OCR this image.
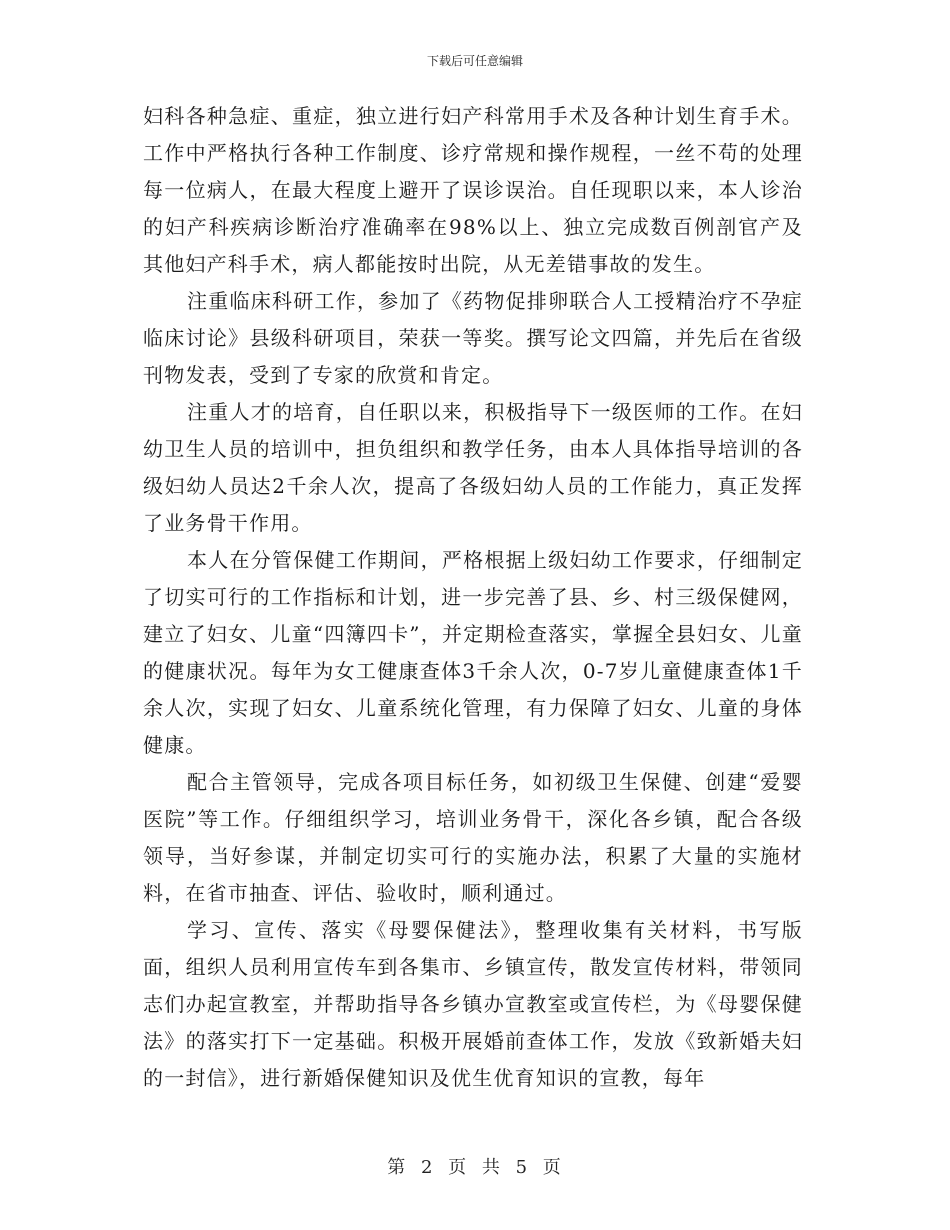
下载后可任意编辑

妇科各种急症、重症，独立进行妇产科常用手术及各种计划生育手术。工作中严格执行各种工作制度、诊疗常规和操作规程，一丝不苟的处理每一位病人，在最大程度上避开了误诊误治。自任现职以来，本人诊治的妇产科疾病诊断治疗准确率在98%以上、独立完成数百例剖官产及其他妇产科手术，病人都能按时出院，从无差错事故的发生。

注重临床科研工作，参加了《药物促排卵联合人工授精治疗不孕症临床讨论》县级科研项目，荣获一等奖。撰写论文四篇，并先后在省级刊物发表，受到了专家的欣赏和肯定。

注重人才的培育，自任职以来，积极指导下一级医师的工作。在妇幼卫生人员的培训中，担负组织和教学任务，由本人具体指导培训的各级妇幼人员达2千余人次，提高了各级妇幼人员的工作能力，真正发挥了业务骨干作用。

本人在分管保健工作期间，严格根据上级妇幼工作要求，仔细制定了切实可行的工作指标和计划，进一步完善了县、乡、村三级保健网，建立了妇女、儿童“四簿四卡”，并定期检查落实，掌握全县妇女、儿童的健康状况。每年为女工健康查体3千余人次，0-7岁儿童健康查体1千余人次，实现了妇女、儿童系统化管理，有力保障了妇女、儿童的身体健康。

配合主管领导，完成各项目标任务，如初级卫生保健、创建“爱婴医院”等工作。仔细组织学习，培训业务骨干，深化各乡镇，配合各级领导，当好参谋，并制定切实可行的实施办法，积累了大量的实施材料，在省市抽查、评估、验收时，顺利通过。

学习、宣传、落实《母婴保健法》，整理收集有关材料，书写版面，组织人员利用宣传车到各集市、乡镇宣传，散发宣传材料，带领同志们办起宣教室，并帮助指导各乡镇办宣教室或宣传栏，为《母婴保健法》的落实打下一定基础。积极开展婚前查体工作，发放《致新婚夫妇的一封信》，进行新婚保健知识及优生优育知识的宣教，每年

第 2 页 共 5 页
